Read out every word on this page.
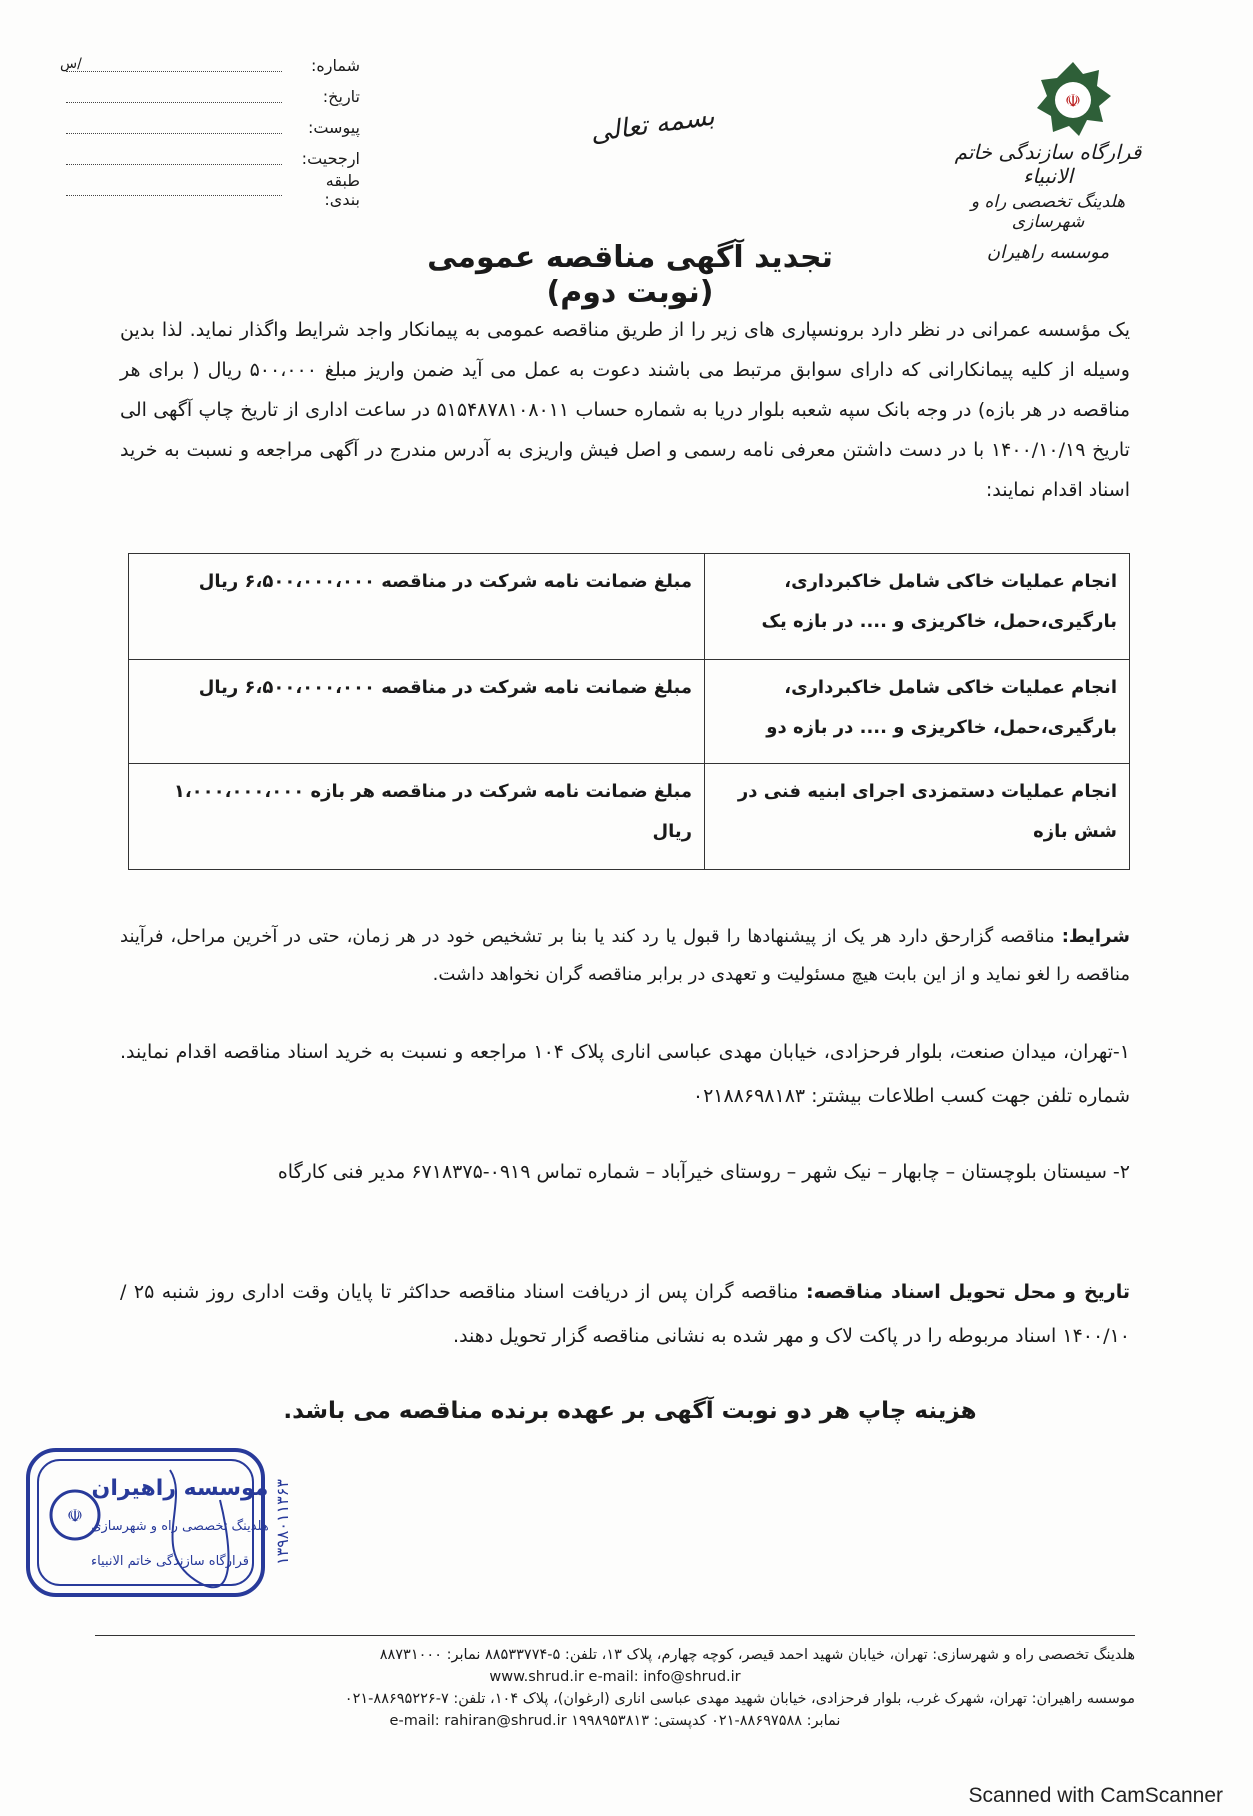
/س	شماره:
تاریخ:
پیوست:
ارجحیت:
طبقه بندی:
بسمه تعالی	☫
قرارگاه سازندگی خاتم الانبیاء
هلدینگ تخصصی راه و شهرسازی
موسسه راهیران
تجدید آگهی مناقصه عمومی (نوبت دوم)
یک مؤسسه عمرانی در نظر دارد برونسپاری های زیر را از طریق مناقصه عمومی به پیمانکار واجد شرایط واگذار نماید. لذا بدین وسیله از کلیه پیمانکارانی که دارای سوابق مرتبط می باشند دعوت به عمل می آید ضمن واریز مبلغ ۵۰۰،۰۰۰ ریال ( برای هر مناقصه در هر بازه) در وجه بانک سپه شعبه بلوار دریا به شماره حساب ۵۱۵۴۸۷۸۱۰۸۰۱۱ در ساعت اداری از تاریخ چاپ آگهی الی تاریخ ۱۴۰۰/۱۰/۱۹ با در دست داشتن معرفی نامه رسمی و اصل فیش واریزی به آدرس مندرج در آگهی مراجعه و نسبت به خرید اسناد اقدام نمایند:
انجام عملیات خاکی شامل خاکبرداری، بارگیری،حمل، خاکریزی و .... در بازه یک	مبلغ ضمانت نامه شرکت در مناقصه ۶،۵۰۰،۰۰۰،۰۰۰ ریال
انجام عملیات خاکی شامل خاکبرداری، بارگیری،حمل، خاکریزی و .... در بازه دو	مبلغ ضمانت نامه شرکت در مناقصه ۶،۵۰۰،۰۰۰،۰۰۰ ریال
انجام عملیات دستمزدی اجرای ابنیه فنی در شش بازه	مبلغ ضمانت نامه شرکت در مناقصه هر بازه ۱،۰۰۰،۰۰۰،۰۰۰ ریال
شرایط: مناقصه گزارحق دارد هر یک از پیشنهادها را قبول یا رد کند یا بنا بر تشخیص خود در هر زمان، حتی در آخرین مراحل، فرآیند مناقصه را لغو نماید و از این بابت هیچ مسئولیت و تعهدی در برابر مناقصه گران نخواهد داشت.
۱-تهران، میدان صنعت، بلوار فرحزادی، خیابان مهدی عباسی اناری پلاک ۱۰۴ مراجعه و نسبت به خرید اسناد مناقصه اقدام نمایند. شماره تلفن جهت کسب اطلاعات بیشتر: ۰۲۱۸۸۶۹۸۱۸۳
۲- سیستان بلوچستان – چابهار – نیک شهر – روستای خیرآباد – شماره تماس ۰۹۱۹-۶۷۱۸۳۷۵ مدیر فنی کارگاه
تاریخ و محل تحویل اسناد مناقصه: مناقصه گران پس از دریافت اسناد مناقصه حداکثر تا پایان وقت اداری روز شنبه ۲۵ /۱۴۰۰/۱۰ اسناد مربوطه را در پاکت لاک و مهر شده به نشانی مناقصه گزار تحویل دهند.
هزینه چاپ هر دو نوبت آگهی بر عهده برنده مناقصه می باشد.
☫
موسسه راهیران
هلدینگ تخصصی راه و شهرسازی
قرارگاه سازندگی خاتم الانبیاء ۱۳۹۸۰۱۱۳۶۳
هلدینگ تخصصی راه و شهرسازی: تهران، خیابان شهید احمد قیصر، کوچه چهارم، پلاک ۱۳، تلفن: ۵-۸۸۵۳۳۷۷۴ نمابر: ۸۸۷۳۱۰۰۰
www.shrud.ir e-mail: info@shrud.ir
موسسه راهیران: تهران، شهرک غرب، بلوار فرحزادی، خیابان شهید مهدی عباسی اناری (ارغوان)، پلاک ۱۰۴، تلفن: ۷-۸۸۶۹۵۲۲۶-۰۲۱
نمابر: ۸۸۶۹۷۵۸۸-۰۲۱ کدپستی: ۱۹۹۸۹۵۳۸۱۳ e-mail: rahiran@shrud.ir
Scanned with CamScanner
